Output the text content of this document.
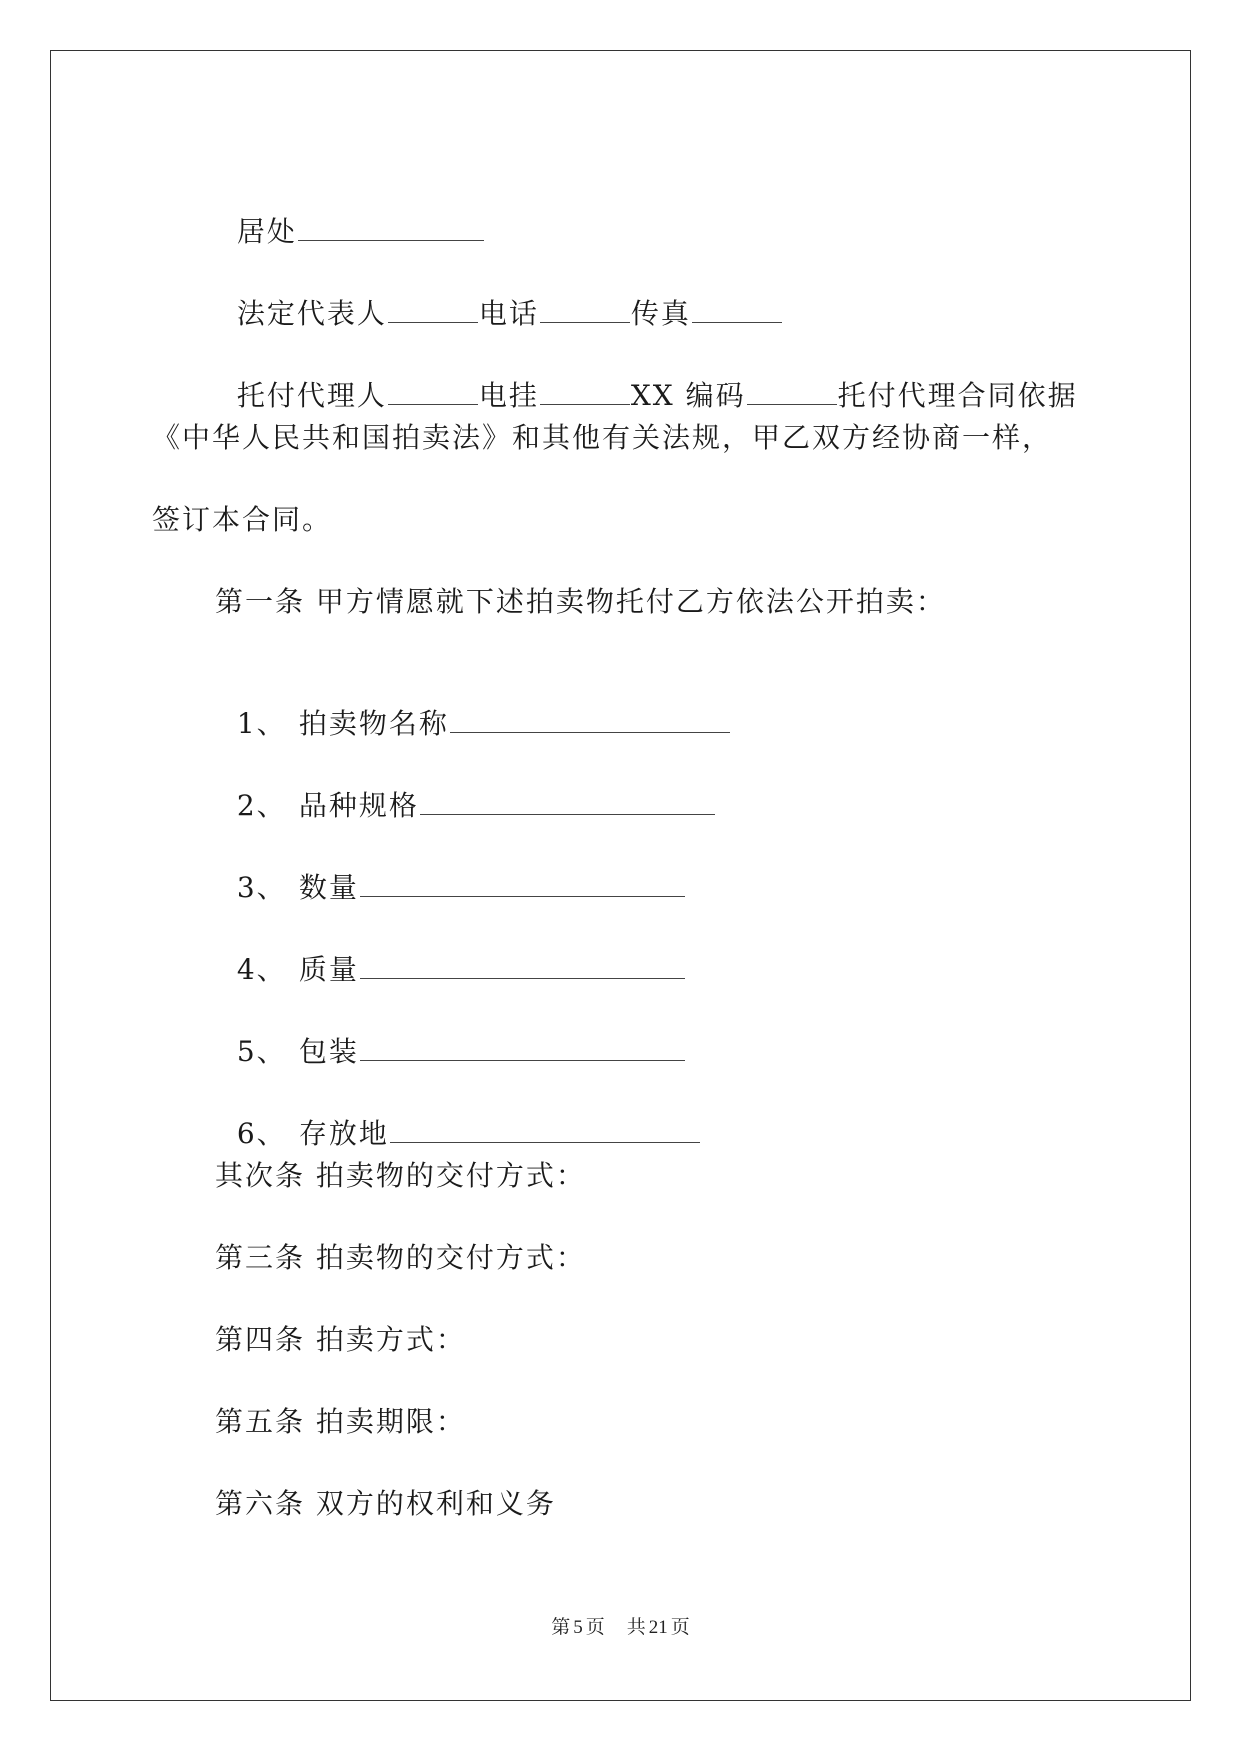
居处

法定代表人	电话	传真

托付代理人	电挂	XX 编码	托付代理合同依据

《中华人民共和国拍卖法》和其他有关法规，甲乙双方经协商一样，
签订本合同。
第一条 甲方情愿就下述拍卖物托付乙方依法公开拍卖：

1、 拍卖物名称

2、 品种规格

3、 数量

4、 质量

5、 包装

6、 存放地

其次条 拍卖物的交付方式：
第三条 拍卖物的交付方式：
第四条 拍卖方式：
第五条 拍卖期限：
第六条 双方的权利和义务
第 5 页 共 21 页
